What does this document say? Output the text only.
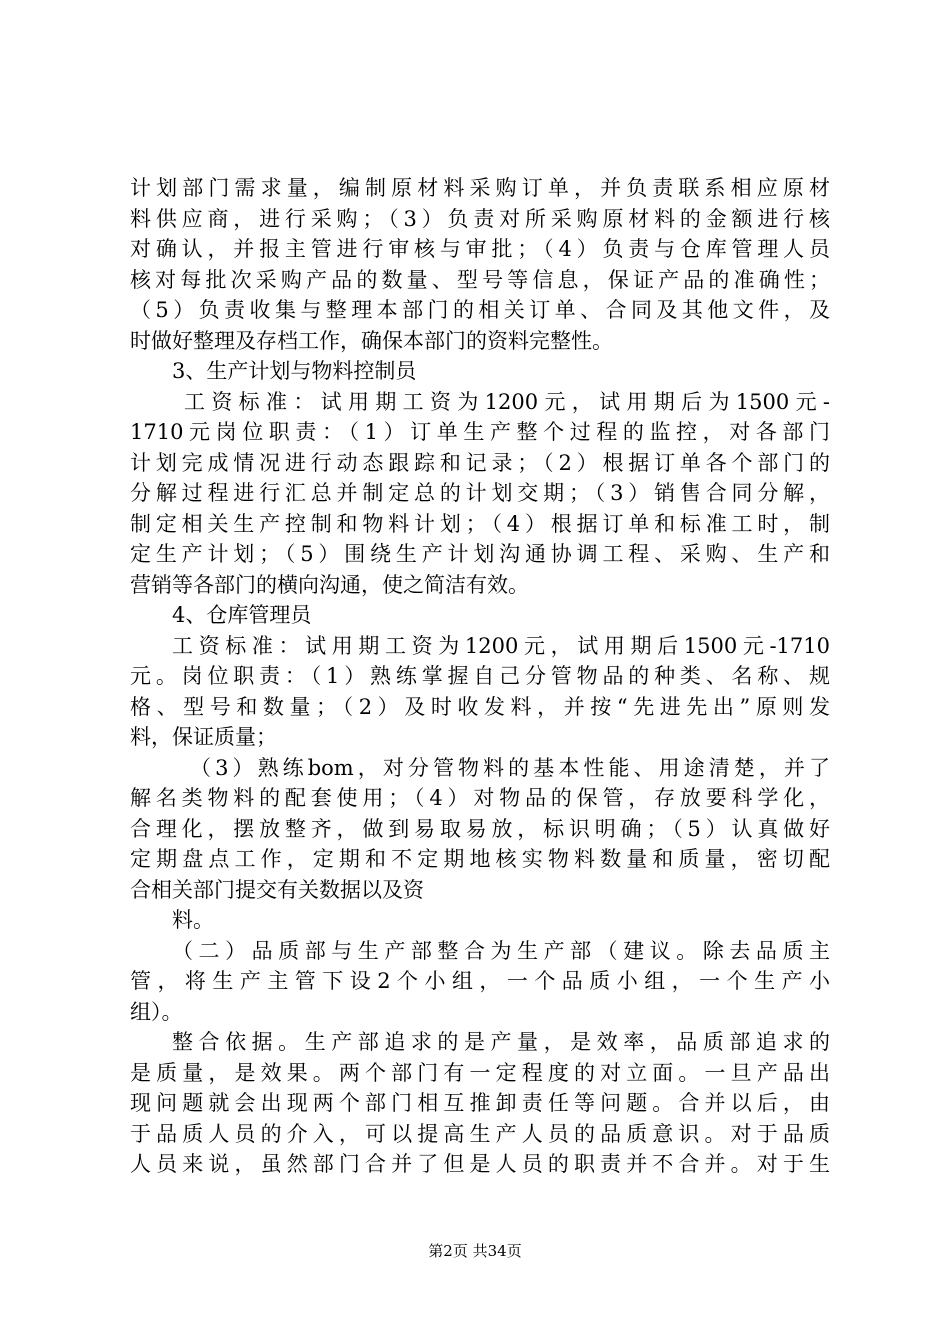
计划部门需求量，编制原材料采购订单，并负责联系相应原材
料供应商，进行采购；（3）负责对所采购原材料的金额进行核
对确认，并报主管进行审核与审批；（4）负责与仓库管理人员
核对每批次采购产品的数量、型号等信息，保证产品的准确性；
（5）负责收集与整理本部门的相关订单、合同及其他文件，及
时做好整理及存档工作，确保本部门的资料完整性。
3、生产计划与物料控制员
工资标准：试用期工资为1200元，试用期后为1500元-
1710元岗位职责：（1）订单生产整个过程的监控，对各部门
计划完成情况进行动态跟踪和记录；（2）根据订单各个部门的
分解过程进行汇总并制定总的计划交期；（3）销售合同分解，
制定相关生产控制和物料计划；（4）根据订单和标准工时，制
定生产计划；（5）围绕生产计划沟通协调工程、采购、生产和
营销等各部门的横向沟通，使之简洁有效。
4、仓库管理员
工资标准：试用期工资为1200元，试用期后1500元-1710
元。岗位职责：（1）熟练掌握自己分管物品的种类、名称、规
格、型号和数量；（2）及时收发料，并按“先进先出”原则发
料，保证质量；
（3）熟练bom，对分管物料的基本性能、用途清楚，并了
解名类物料的配套使用；（4）对物品的保管，存放要科学化，
合理化，摆放整齐，做到易取易放，标识明确；（5）认真做好
定期盘点工作，定期和不定期地核实物料数量和质量，密切配
合相关部门提交有关数据以及资
料。
（二）品质部与生产部整合为生产部（建议。除去品质主
管，将生产主管下设2个小组，一个品质小组，一个生产小
组）。
整合依据。生产部追求的是产量，是效率，品质部追求的
是质量，是效果。两个部门有一定程度的对立面。一旦产品出
现问题就会出现两个部门相互推卸责任等问题。合并以后，由
于品质人员的介入，可以提高生产人员的品质意识。对于品质
人员来说，虽然部门合并了但是人员的职责并不合并。对于生
第2页 共34页
